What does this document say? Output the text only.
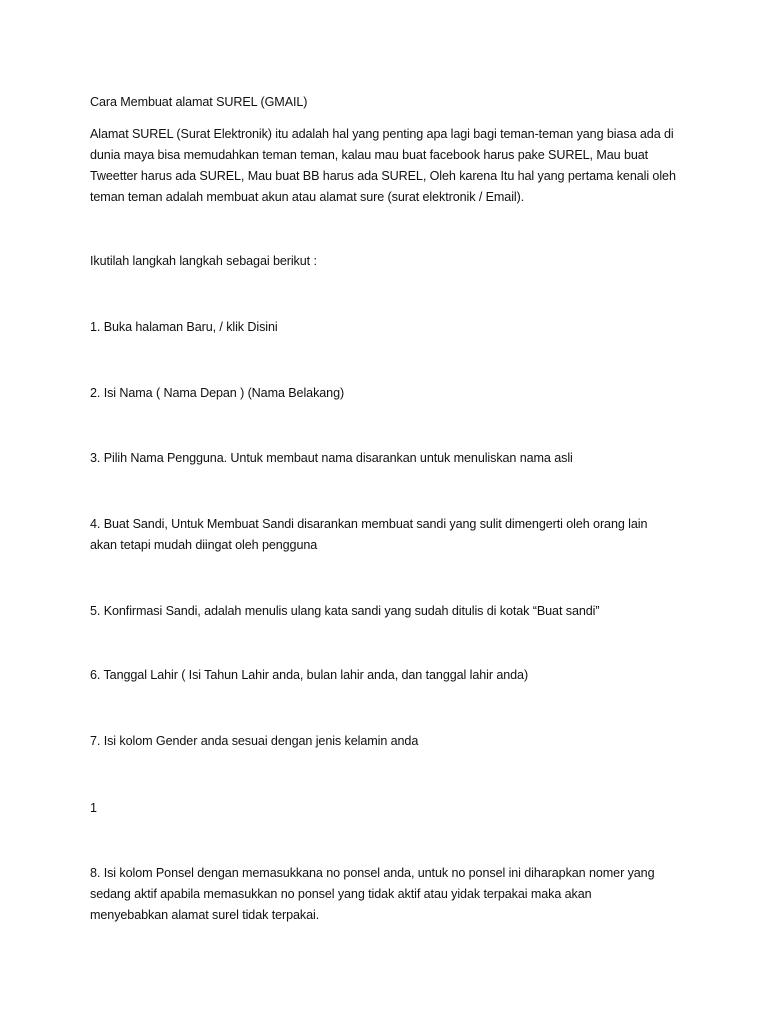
Cara Membuat alamat SUREL (GMAIL)
Alamat SUREL (Surat Elektronik) itu adalah hal yang penting apa lagi bagi teman-teman yang biasa ada di
dunia maya bisa memudahkan teman teman, kalau mau buat facebook harus pake SUREL, Mau buat
Tweetter harus ada SUREL, Mau buat BB harus ada SUREL, Oleh karena Itu hal yang pertama kenali oleh
teman teman adalah membuat akun atau alamat sure (surat elektronik / Email).
Ikutilah langkah langkah sebagai berikut :
1. Buka halaman Baru, / klik Disini
2. Isi Nama ( Nama Depan ) (Nama Belakang)
3. Pilih Nama Pengguna. Untuk membaut nama disarankan untuk menuliskan nama asli
4. Buat Sandi, Untuk Membuat Sandi disarankan membuat sandi yang sulit dimengerti oleh orang lain
akan tetapi mudah diingat oleh pengguna
5. Konfirmasi Sandi, adalah menulis ulang kata sandi yang sudah ditulis di kotak “Buat sandi”
6. Tanggal Lahir ( Isi Tahun Lahir anda, bulan lahir anda, dan tanggal lahir anda)
7. Isi kolom Gender anda sesuai dengan jenis kelamin anda
1
8. Isi kolom Ponsel dengan memasukkana no ponsel anda, untuk no ponsel ini diharapkan nomer yang
sedang aktif apabila memasukkan no ponsel yang tidak aktif atau yidak terpakai maka akan
menyebabkan alamat surel tidak terpakai.
